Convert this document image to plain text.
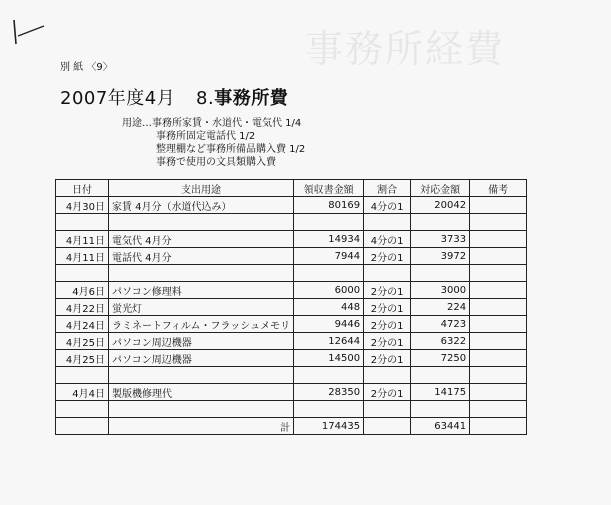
事務所経費
別 紙 〈9〉
2007年度4月 8.事務所費
用途…事務所家賃・水道代・電気代 1/4
事務所固定電話代 1/2
整理棚など事務所備品購入費 1/2
事務で使用の文具類購入費
日付	支出用途	領収書金額	割合	対応金額	備考
4月30日	家賃 4月分（水道代込み）	80169	4分の1	20042	

4月11日	電気代 4月分	14934	4分の1	3733	
4月11日	電話代 4月分	7944	2分の1	3972	

4月6日	パソコン修理料	6000	2分の1	3000	
4月22日	蛍光灯	448	2分の1	224	
4月24日	ラミネートフィルム・フラッシュメモリ	9446	2分の1	4723	
4月25日	パソコン周辺機器	12644	2分の1	6322	
4月25日	パソコン周辺機器	14500	2分の1	7250	

4月4日	製版機修理代	28350	2分の1	14175	

	計	174435		63441	
